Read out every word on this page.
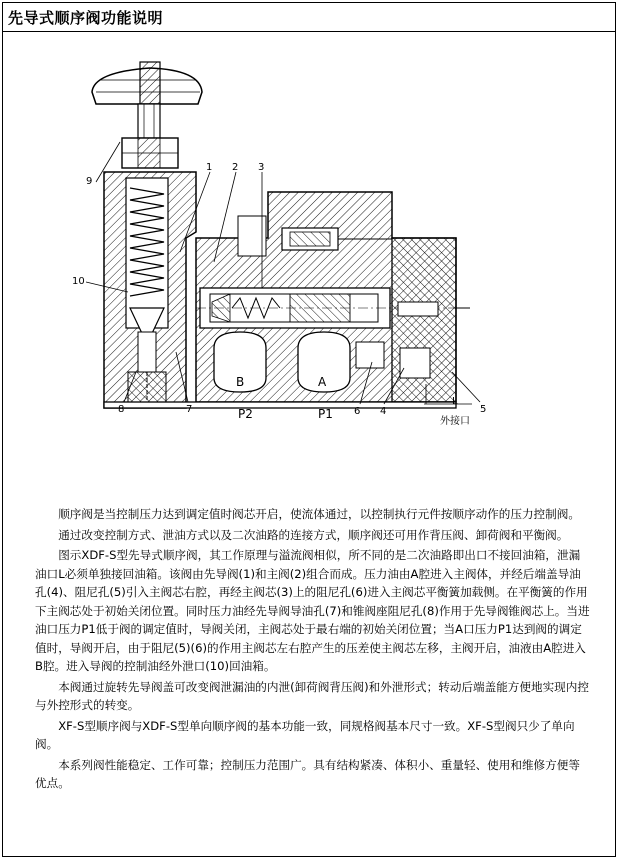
先导式顺序阀功能说明
9
1 2 3
10
8	7	6 4	5
L
外接口
B	A
P2	P1

顺序阀是当控制压力达到调定值时阀芯开启，使流体通过，以控制执行元件按顺序动作的压力控制阀。

通过改变控制方式、泄油方式以及二次油路的连接方式，顺序阀还可用作背压阀、卸荷阀和平衡阀。

图示XDF-S型先导式顺序阀，其工作原理与溢流阀相似，所不同的是二次油路即出口不接回油箱，泄漏油口L必须单独接回油箱。该阀由先导阀(1)和主阀(2)组合而成。压力油由A腔进入主阀体，并经后端盖导油孔(4)、阻尼孔(5)引入主阀芯右腔，再经主阀芯(3)上的阻尼孔(6)进入主阀芯平衡簧加载侧。在平衡簧的作用下主阀芯处于初始关闭位置。同时压力油经先导阀导油孔(7)和锥阀座阻尼孔(8)作用于先导阀锥阀芯上。当进油口压力P1低于阀的调定值时，导阀关闭，主阀芯处于最右端的初始关闭位置；当A口压力P1达到阀的调定值时，导阀开启，由于阻尼(5)(6)的作用主阀芯左右腔产生的压差使主阀芯左移，主阀开启，油液由A腔进入B腔。进入导阀的控制油经外泄口(10)回油箱。

本阀通过旋转先导阀盖可改变阀泄漏油的内泄(卸荷阀背压阀)和外泄形式；转动后端盖能方便地实现内控与外控形式的转变。

XF-S型顺序阀与XDF-S型单向顺序阀的基本功能一致，同规格阀基本尺寸一致。XF-S型阀只少了单向阀。

本系列阀性能稳定、工作可靠；控制压力范围广。具有结构紧凑、体积小、重量轻、使用和维修方便等优点。
